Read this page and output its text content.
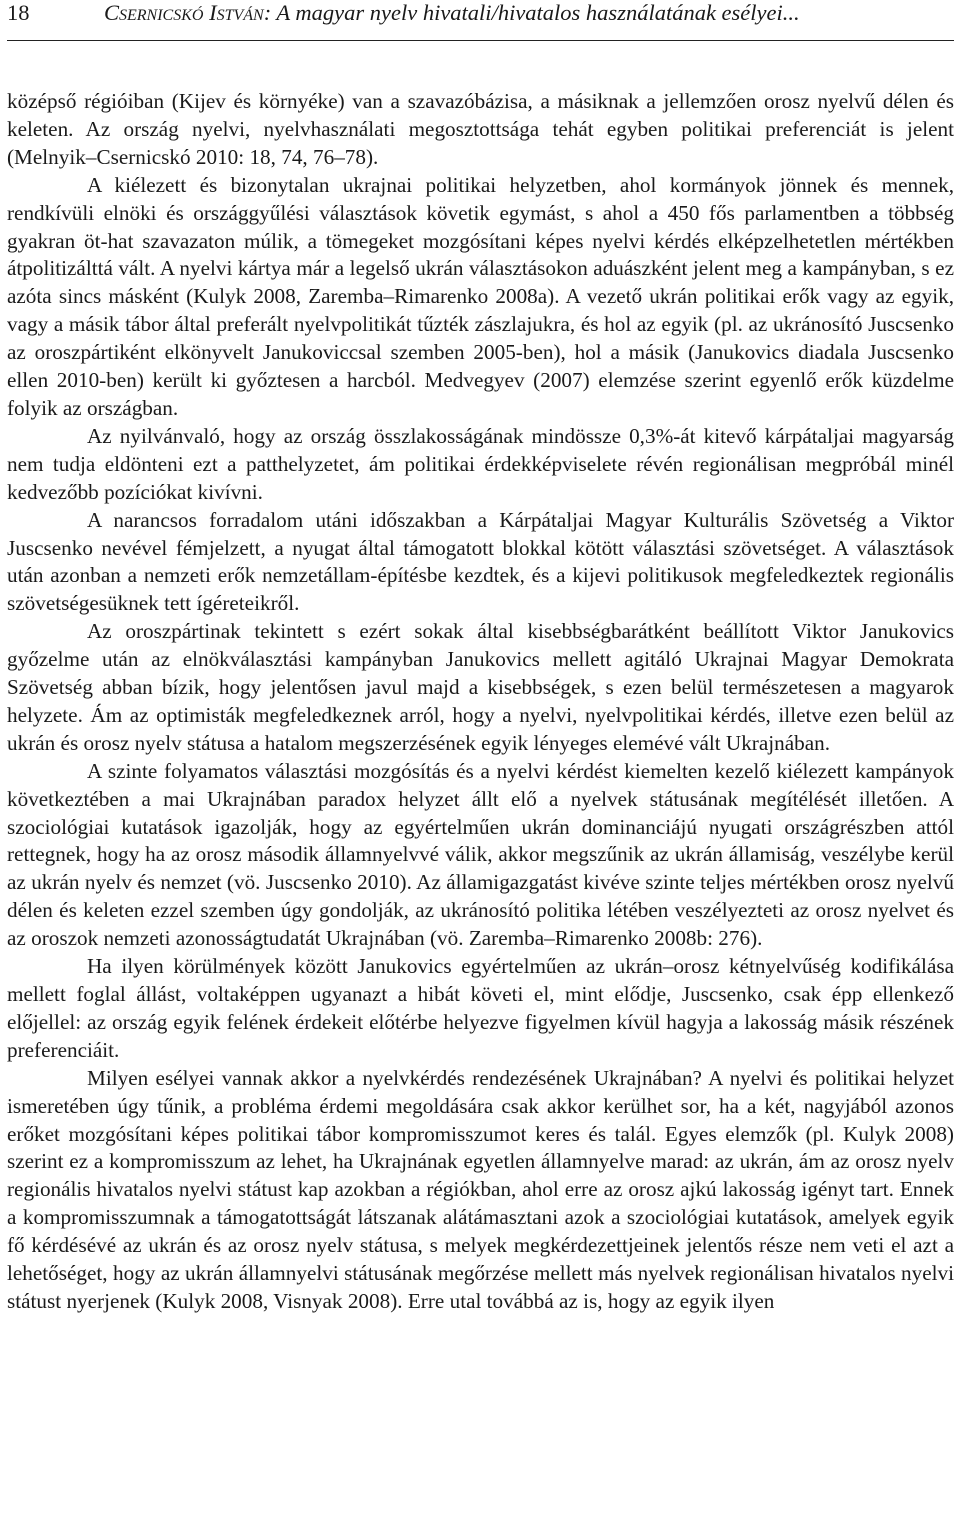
18	Csernicskó István: A magyar nyelv hivatali/hivatalos használatának esélyei...

középső régióiban (Kijev és környéke) van a szavazóbázisa, a másiknak a jellemzően orosz nyelvű délen és keleten. Az ország nyelvi, nyelvhasználati megosztottsága tehát egyben politikai preferenciát is jelent (Melnyik–Csernicskó 2010: 18, 74, 76–78).

A kiélezett és bizonytalan ukrajnai politikai helyzetben, ahol kormányok jönnek és mennek, rendkívüli elnöki és országgyűlési választások követik egymást, s ahol a 450 fős parlamentben a többség gyakran öt-hat szavazaton múlik, a tömegeket mozgósítani képes nyelvi kérdés elképzelhetetlen mértékben átpolitizálttá vált. A nyelvi kártya már a legelső ukrán választásokon aduászként jelent meg a kampányban, s ez azóta sincs másként (Kulyk 2008, Zaremba–Rimarenko 2008a). A vezető ukrán politikai erők vagy az egyik, vagy a másik tábor által preferált nyelvpolitikát tűzték zászlajukra, és hol az egyik (pl. az ukránosító Juscsenko az oroszpártiként elkönyvelt Janukoviccsal szemben 2005-ben), hol a másik (Janukovics diadala Juscsenko ellen 2010-ben) került ki győztesen a harcból. Medvegyev (2007) elemzése szerint egyenlő erők küzdelme folyik az országban.

Az nyilvánvaló, hogy az ország összlakosságának mindössze 0,3%-át kitevő kárpátaljai magyarság nem tudja eldönteni ezt a patthelyzetet, ám politikai érdekképviselete révén regionálisan megpróbál minél kedvezőbb pozíciókat kivívni.

A narancsos forradalom utáni időszakban a Kárpátaljai Magyar Kulturális Szövetség a Viktor Juscsenko nevével fémjelzett, a nyugat által támogatott blokkal kötött választási szövetséget. A választások után azonban a nemzeti erők nemzetállam-építésbe kezdtek, és a kijevi politikusok megfeledkeztek regionális szövetségesüknek tett ígéreteikről.

Az oroszpártinak tekintett s ezért sokak által kisebbségbarátként beállított Viktor Janukovics győzelme után az elnökválasztási kampányban Janukovics mellett agitáló Ukrajnai Magyar Demokrata Szövetség abban bízik, hogy jelentősen javul majd a kisebbségek, s ezen belül természetesen a magyarok helyzete. Ám az optimisták megfeledkeznek arról, hogy a nyelvi, nyelvpolitikai kérdés, illetve ezen belül az ukrán és orosz nyelv státusa a hatalom megszerzésének egyik lényeges elemévé vált Ukrajnában.

A szinte folyamatos választási mozgósítás és a nyelvi kérdést kiemelten kezelő kiélezett kampányok következtében a mai Ukrajnában paradox helyzet állt elő a nyelvek státusának megítélését illetően. A szociológiai kutatások igazolják, hogy az egyértelműen ukrán dominanciájú nyugati országrészben attól rettegnek, hogy ha az orosz második államnyelvvé válik, akkor megszűnik az ukrán államiság, veszélybe kerül az ukrán nyelv és nemzet (vö. Juscsenko 2010). Az államigazgatást kivéve szinte teljes mértékben orosz nyelvű délen és keleten ezzel szemben úgy gondolják, az ukránosító politika létében veszélyezteti az orosz nyelvet és az oroszok nemzeti azonosságtudatát Ukrajnában (vö. Zaremba–Rimarenko 2008b: 276).

Ha ilyen körülmények között Janukovics egyértelműen az ukrán–orosz kétnyelvűség kodifikálása mellett foglal állást, voltaképpen ugyanazt a hibát követi el, mint elődje, Juscsenko, csak épp ellenkező előjellel: az ország egyik felének érdekeit előtérbe helyezve figyelmen kívül hagyja a lakosság másik részének preferenciáit.

Milyen esélyei vannak akkor a nyelvkérdés rendezésének Ukrajnában? A nyelvi és politikai helyzet ismeretében úgy tűnik, a probléma érdemi megoldására csak akkor kerülhet sor, ha a két, nagyjából azonos erőket mozgósítani képes politikai tábor kompromisszumot keres és talál. Egyes elemzők (pl. Kulyk 2008) szerint ez a kompromisszum az lehet, ha Ukrajnának egyetlen államnyelve marad: az ukrán, ám az orosz nyelv regionális hivatalos nyelvi státust kap azokban a régiókban, ahol erre az orosz ajkú lakosság igényt tart. Ennek a kompromisszumnak a támogatottságát látszanak alátámasztani azok a szociológiai kutatások, amelyek egyik fő kérdésévé az ukrán és az orosz nyelv státusa, s melyek megkérdezettjeinek jelentős része nem veti el azt a lehetőséget, hogy az ukrán államnyelvi státusának megőrzése mellett más nyelvek regionálisan hivatalos nyelvi státust nyerjenek (Kulyk 2008, Visnyak 2008). Erre utal továbbá az is, hogy az egyik ilyen
